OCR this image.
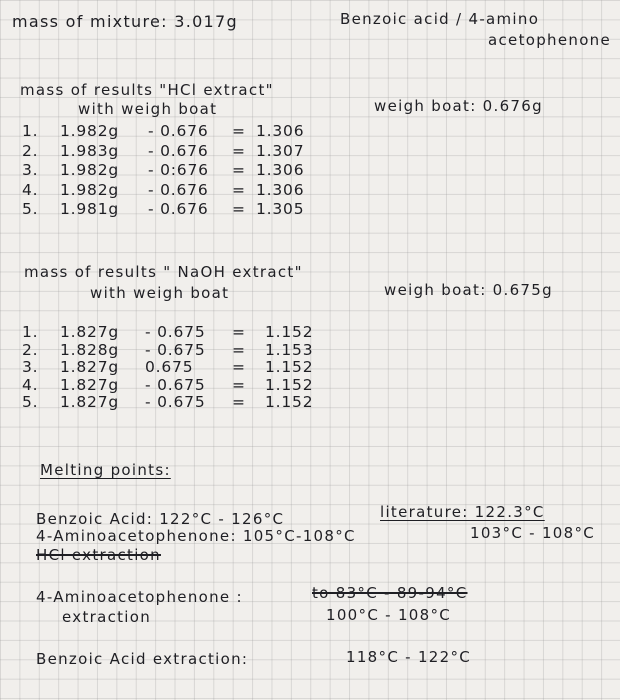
mass of mixture: 3.017g	Benzoic acid / 4-amino
acetophenone
mass of results "HCl extract"
with weigh boat	weigh boat: 0.676g
1. 1.982g - 0.676 = 1.306
2. 1.983g - 0.676 = 1.307
3. 1.982g - 0:676 = 1.306
4. 1.982g - 0.676 = 1.306
5. 1.981g - 0.676 = 1.305
mass of results " NaOH extract"
with weigh boat	weigh boat: 0.675g
1. 1.827g - 0.675 = 1.152
2. 1.828g - 0.675 = 1.153
3. 1.827g 0.675 = 1.152
4. 1.827g - 0.675 = 1.152
5. 1.827g - 0.675 = 1.152
Melting points:
Benzoic Acid: 122°C - 126°C	literature: 122.3°C
4-Aminoacetophenone: 105°C-108°C	103°C - 108°C
HCl extraction
4-Aminoacetophenone :	to 83°C - 89-94°C
extraction	100°C - 108°C
Benzoic Acid extraction:	118°C - 122°C
